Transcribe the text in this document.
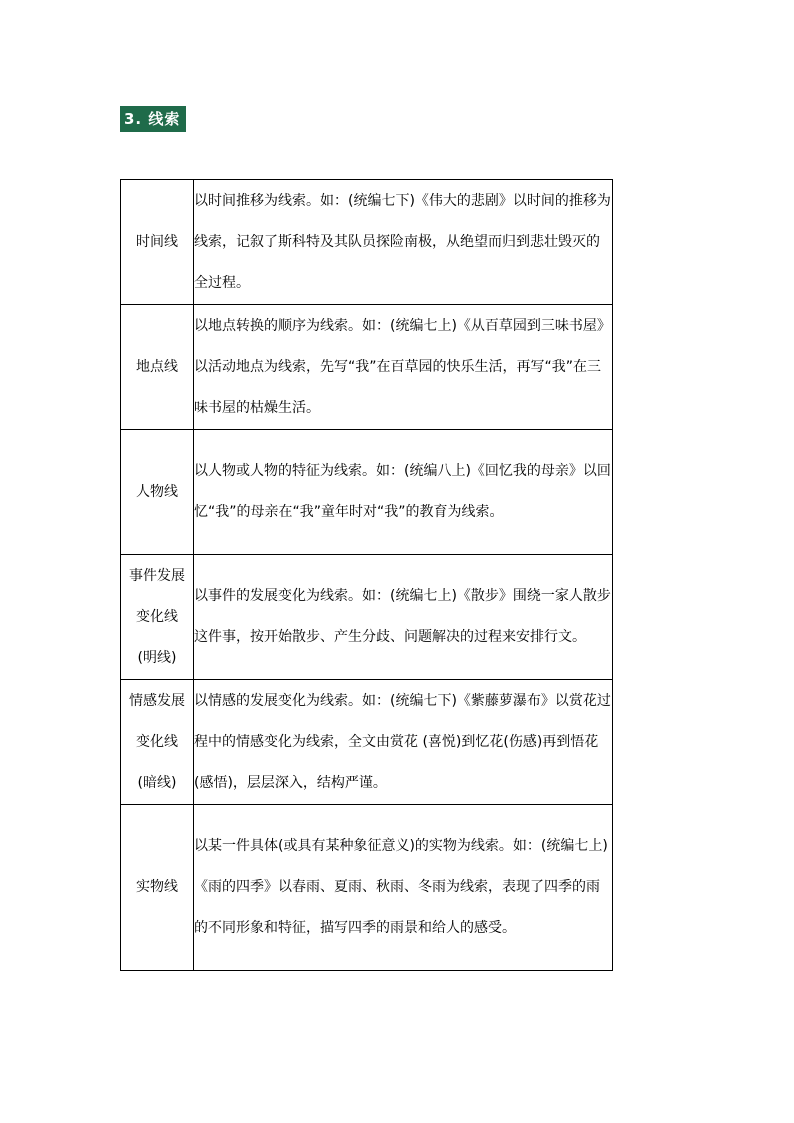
3. 线索
时间线	以时间推移为线索。如：(统编七下)《伟大的悲剧》以时间的推移为线索，记叙了斯科特及其队员探险南极，从绝望而归到悲壮毁灭的全过程。
地点线	以地点转换的顺序为线索。如：(统编七上)《从百草园到三味书屋》以活动地点为线索，先写“我”在百草园的快乐生活，再写“我”在三味书屋的枯燥生活。
人物线	以人物或人物的特征为线索。如：(统编八上)《回忆我的母亲》以回忆“我”的母亲在“我”童年时对“我”的教育为线索。
事件发展变化线(明线)	以事件的发展变化为线索。如：(统编七上)《散步》围绕一家人散步这件事，按开始散步、产生分歧、问题解决的过程来安排行文。
情感发展变化线(暗线)	以情感的发展变化为线索。如：(统编七下)《紫藤萝瀑布》以赏花过程中的情感变化为线索，全文由赏花 (喜悦)到忆花(伤感)再到悟花(感悟)，层层深入，结构严谨。
实物线	以某一件具体(或具有某种象征意义)的实物为线索。如：(统编七上)《雨的四季》以春雨、夏雨、秋雨、冬雨为线索，表现了四季的雨的不同形象和特征，描写四季的雨景和给人的感受。
